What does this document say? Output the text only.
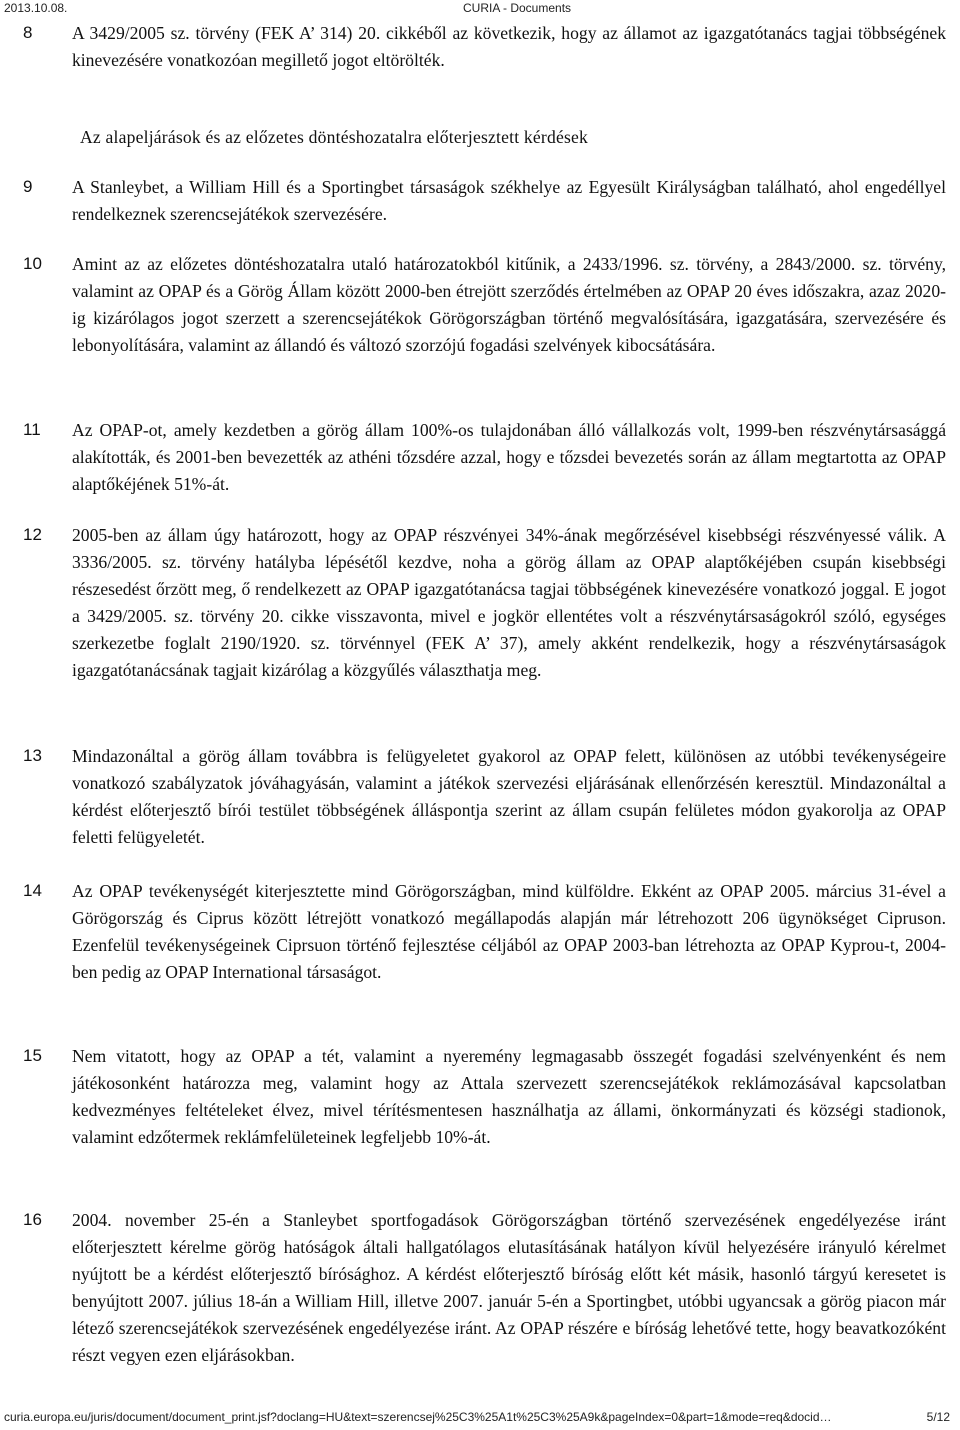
2013.10.08.	CURIA - Documents
8 A 3429/2005 sz. törvény (FEK A’ 314) 20. cikkéből az következik, hogy az államot az igazgatótanács tagjai többségének kinevezésére vonatkozóan megillető jogot eltörölték.
Az alapeljárások és az előzetes döntéshozatalra előterjesztett kérdések
9 A Stanleybet, a William Hill és a Sportingbet társaságok székhelye az Egyesült Királyságban található, ahol engedéllyel rendelkeznek szerencsejátékok szervezésére.
10 Amint az az előzetes döntéshozatalra utaló határozatokból kitűnik, a 2433/1996. sz. törvény, a 2843/2000. sz. törvény, valamint az OPAP és a Görög Állam között 2000-ben étrejött szerződés értelmében az OPAP 20 éves időszakra, azaz 2020-ig kizárólagos jogot szerzett a szerencsejátékok Görögországban történő megvalósítására, igazgatására, szervezésére és lebonyolítására, valamint az állandó és változó szorzójú fogadási szelvények kibocsátására.
11 Az OPAP-ot, amely kezdetben a görög állam 100%-os tulajdonában álló vállalkozás volt, 1999-ben részvénytársasággá alakították, és 2001-ben bevezették az athéni tőzsdére azzal, hogy e tőzsdei bevezetés során az állam megtartotta az OPAP alaptőkéjének 51%-át.
12 2005-ben az állam úgy határozott, hogy az OPAP részvényei 34%-ának megőrzésével kisebbségi részvényessé válik. A 3336/2005. sz. törvény hatályba lépésétől kezdve, noha a görög állam az OPAP alaptőkéjében csupán kisebbségi részesedést őrzött meg, ő rendelkezett az OPAP igazgatótanácsa tagjai többségének kinevezésére vonatkozó joggal. E jogot a 3429/2005. sz. törvény 20. cikke visszavonta, mivel e jogkör ellentétes volt a részvénytársaságokról szóló, egységes szerkezetbe foglalt 2190/1920. sz. törvénnyel (FEK A’ 37), amely akként rendelkezik, hogy a részvénytársaságok igazgatótanácsának tagjait kizárólag a közgyűlés választhatja meg.
13 Mindazonáltal a görög állam továbbra is felügyeletet gyakorol az OPAP felett, különösen az utóbbi tevékenységeire vonatkozó szabályzatok jóváhagyásán, valamint a játékok szervezési eljárásának ellenőrzésén keresztül. Mindazonáltal a kérdést előterjesztő bírói testület többségének álláspontja szerint az állam csupán felületes módon gyakorolja az OPAP feletti felügyeletét.
14 Az OPAP tevékenységét kiterjesztette mind Görögországban, mind külföldre. Ekként az OPAP 2005. március 31-ével a Görögország és Ciprus között létrejött vonatkozó megállapodás alapján már létrehozott 206 ügynökséget Cipruson. Ezenfelül tevékenységeinek Ciprsuon történő fejlesztése céljából az OPAP 2003-ban létrehozta az OPAP Kyprou-t, 2004-ben pedig az OPAP International társaságot.
15 Nem vitatott, hogy az OPAP a tét, valamint a nyeremény legmagasabb összegét fogadási szelvényenként és nem játékosonként határozza meg, valamint hogy az Attala szervezett szerencsejátékok reklámozásával kapcsolatban kedvezményes feltételeket élvez, mivel térítésmentesen használhatja az állami, önkormányzati és községi stadionok, valamint edzőtermek reklámfelületeinek legfeljebb 10%-át.
16 2004. november 25-én a Stanleybet sportfogadások Görögországban történő szervezésének engedélyezése iránt előterjesztett kérelme görög hatóságok általi hallgatólagos elutasításának hatályon kívül helyezésére irányuló kérelmet nyújtott be a kérdést előterjesztő bírósághoz. A kérdést előterjesztő bíróság előtt két másik, hasonló tárgyú keresetet is benyújtott 2007. július 18-án a William Hill, illetve 2007. január 5-én a Sportingbet, utóbbi ugyancsak a görög piacon már létező szerencsejátékok szervezésének engedélyezése iránt. Az OPAP részére e bíróság lehetővé tette, hogy beavatkozóként részt vegyen ezen eljárásokban.
curia.europa.eu/juris/document/document_print.jsf?doclang=HU&text=szerencsej%25C3%25A1t%25C3%25A9k&pageIndex=0&part=1&mode=req&docid…	5/12
